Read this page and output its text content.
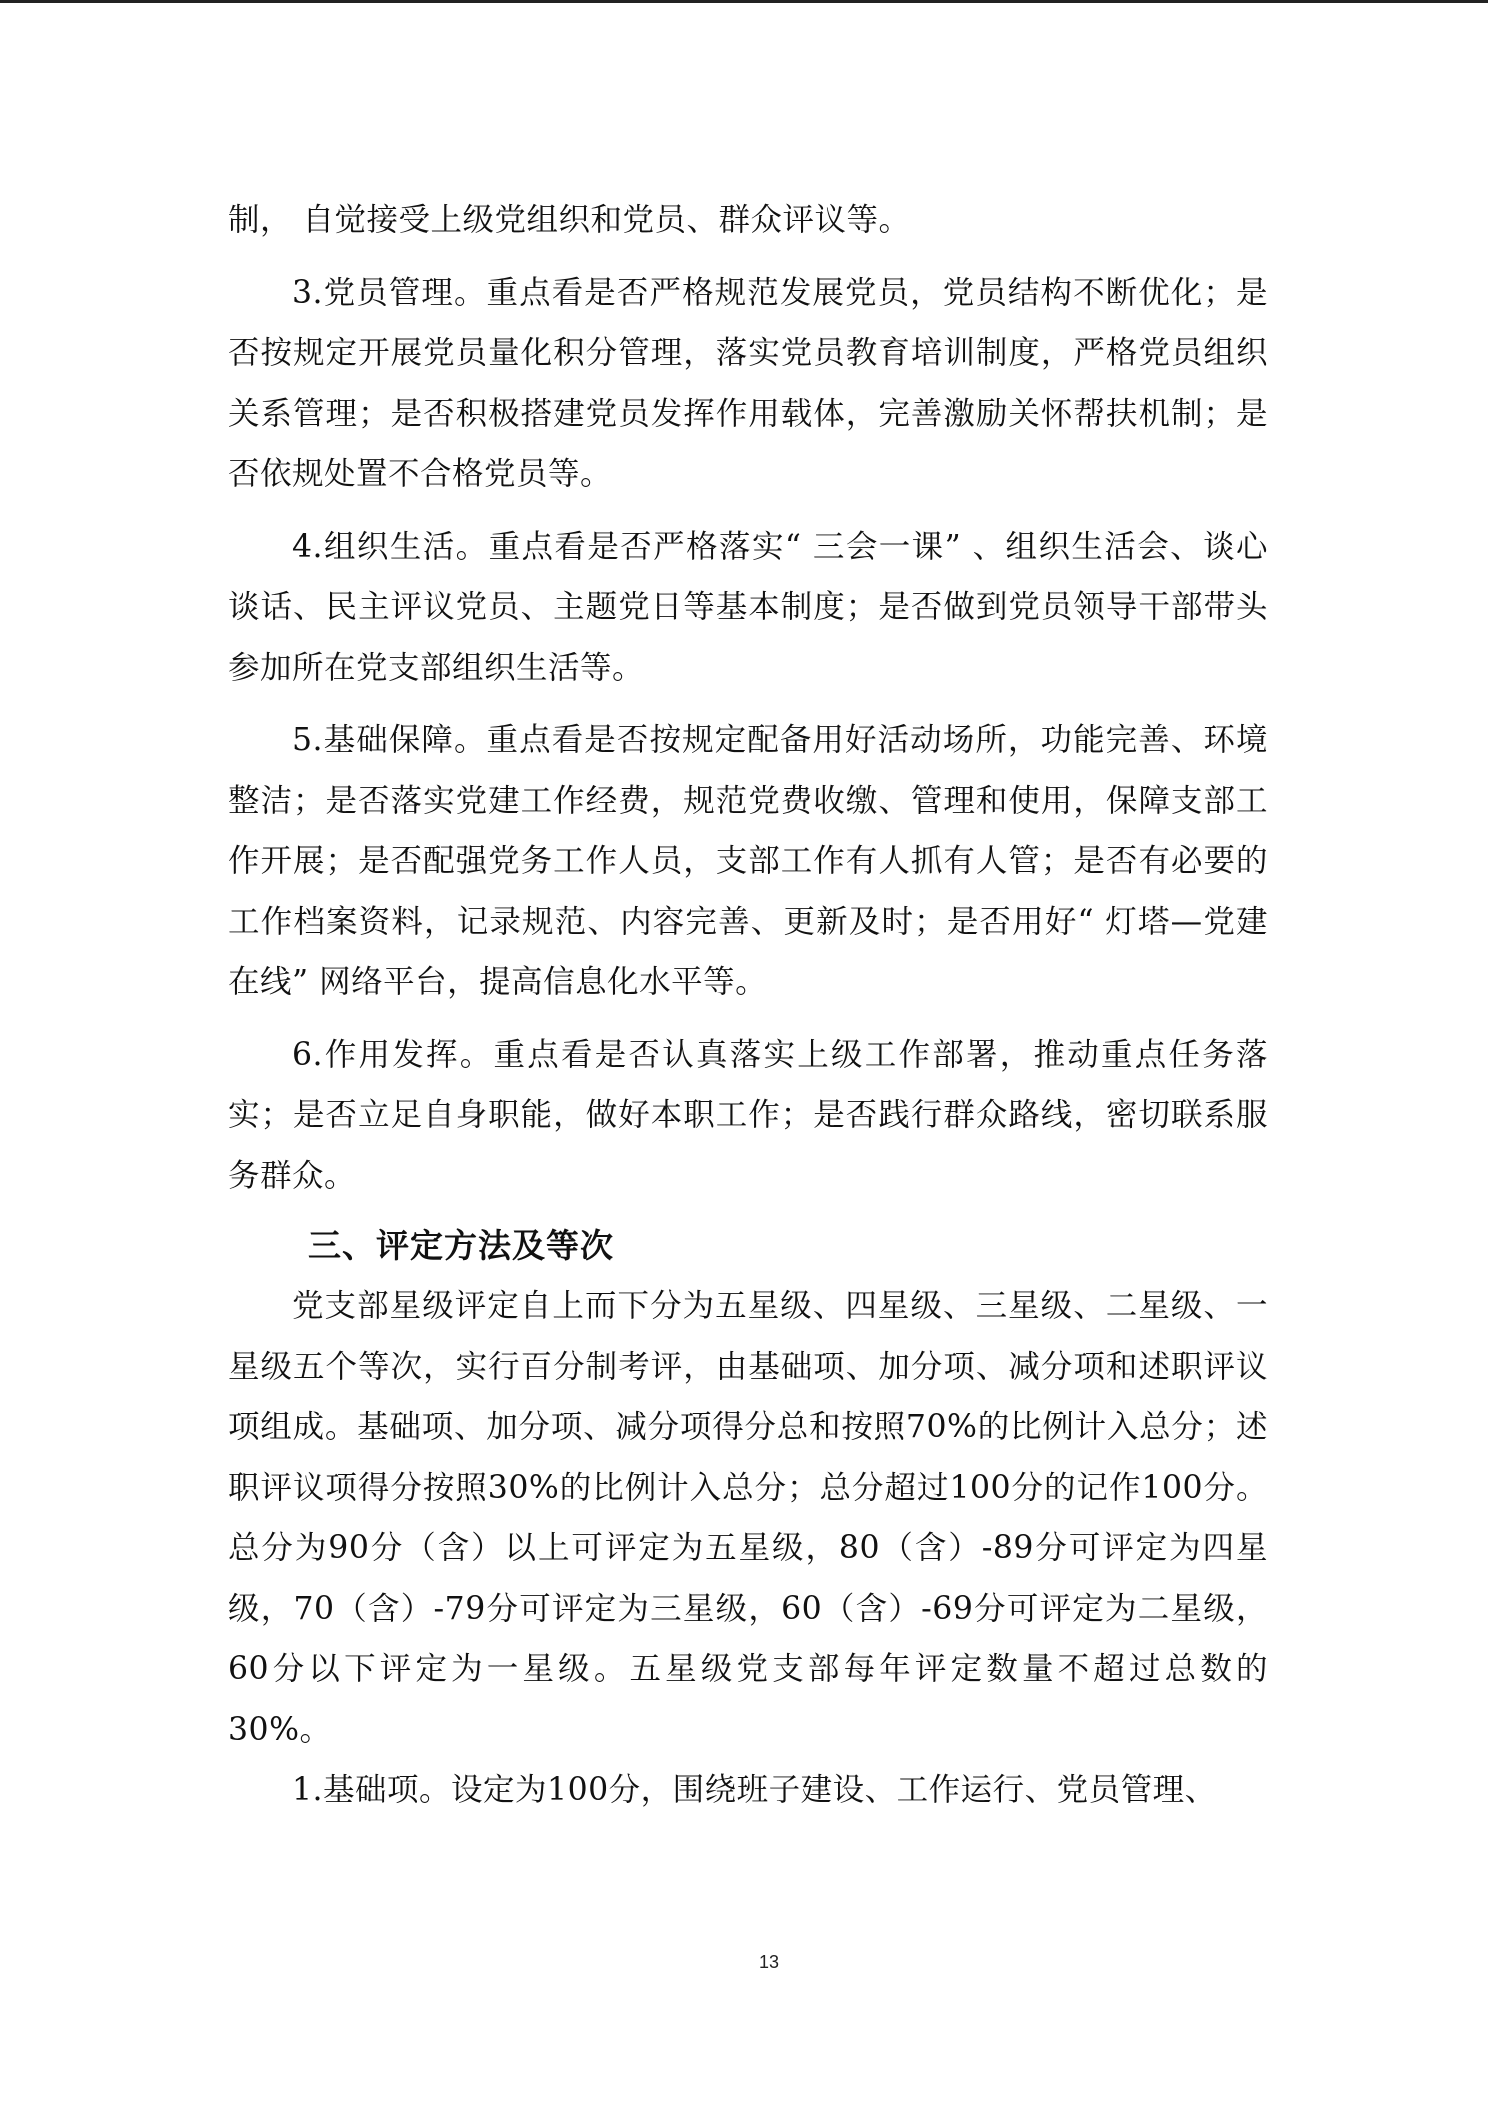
制， 自觉接受上级党组织和党员、群众评议等。

3.党员管理。重点看是否严格规范发展党员，党员结构不断优化；是否按规定开展党员量化积分管理，落实党员教育培训制度，严格党员组织关系管理；是否积极搭建党员发挥作用载体，完善激励关怀帮扶机制；是否依规处置不合格党员等。

4.组织生活。重点看是否严格落实“ 三会一课” 、组织生活会、谈心谈话、民主评议党员、主题党日等基本制度；是否做到党员领导干部带头参加所在党支部组织生活等。

5.基础保障。重点看是否按规定配备用好活动场所，功能完善、环境整洁；是否落实党建工作经费，规范党费收缴、管理和使用，保障支部工作开展；是否配强党务工作人员，支部工作有人抓有人管；是否有必要的工作档案资料，记录规范、内容完善、更新及时；是否用好“ 灯塔—党建在线” 网络平台，提高信息化水平等。

6.作用发挥。重点看是否认真落实上级工作部署，推动重点任务落实；是否立足自身职能，做好本职工作；是否践行群众路线，密切联系服务群众。

三、评定方法及等次

党支部星级评定自上而下分为五星级、四星级、三星级、二星级、一星级五个等次，实行百分制考评，由基础项、加分项、减分项和述职评议项组成。基础项、加分项、减分项得分总和按照70%的比例计入总分；述职评议项得分按照30%的比例计入总分；总分超过100分的记作100分。总分为90分（含）以上可评定为五星级，80（含）-89分可评定为四星级，70（含）-79分可评定为三星级，60（含）-69分可评定为二星级，60分以下评定为一星级。五星级党支部每年评定数量不超过总数的30%。

1.基础项。设定为100分，围绕班子建设、工作运行、党员管理、

13
